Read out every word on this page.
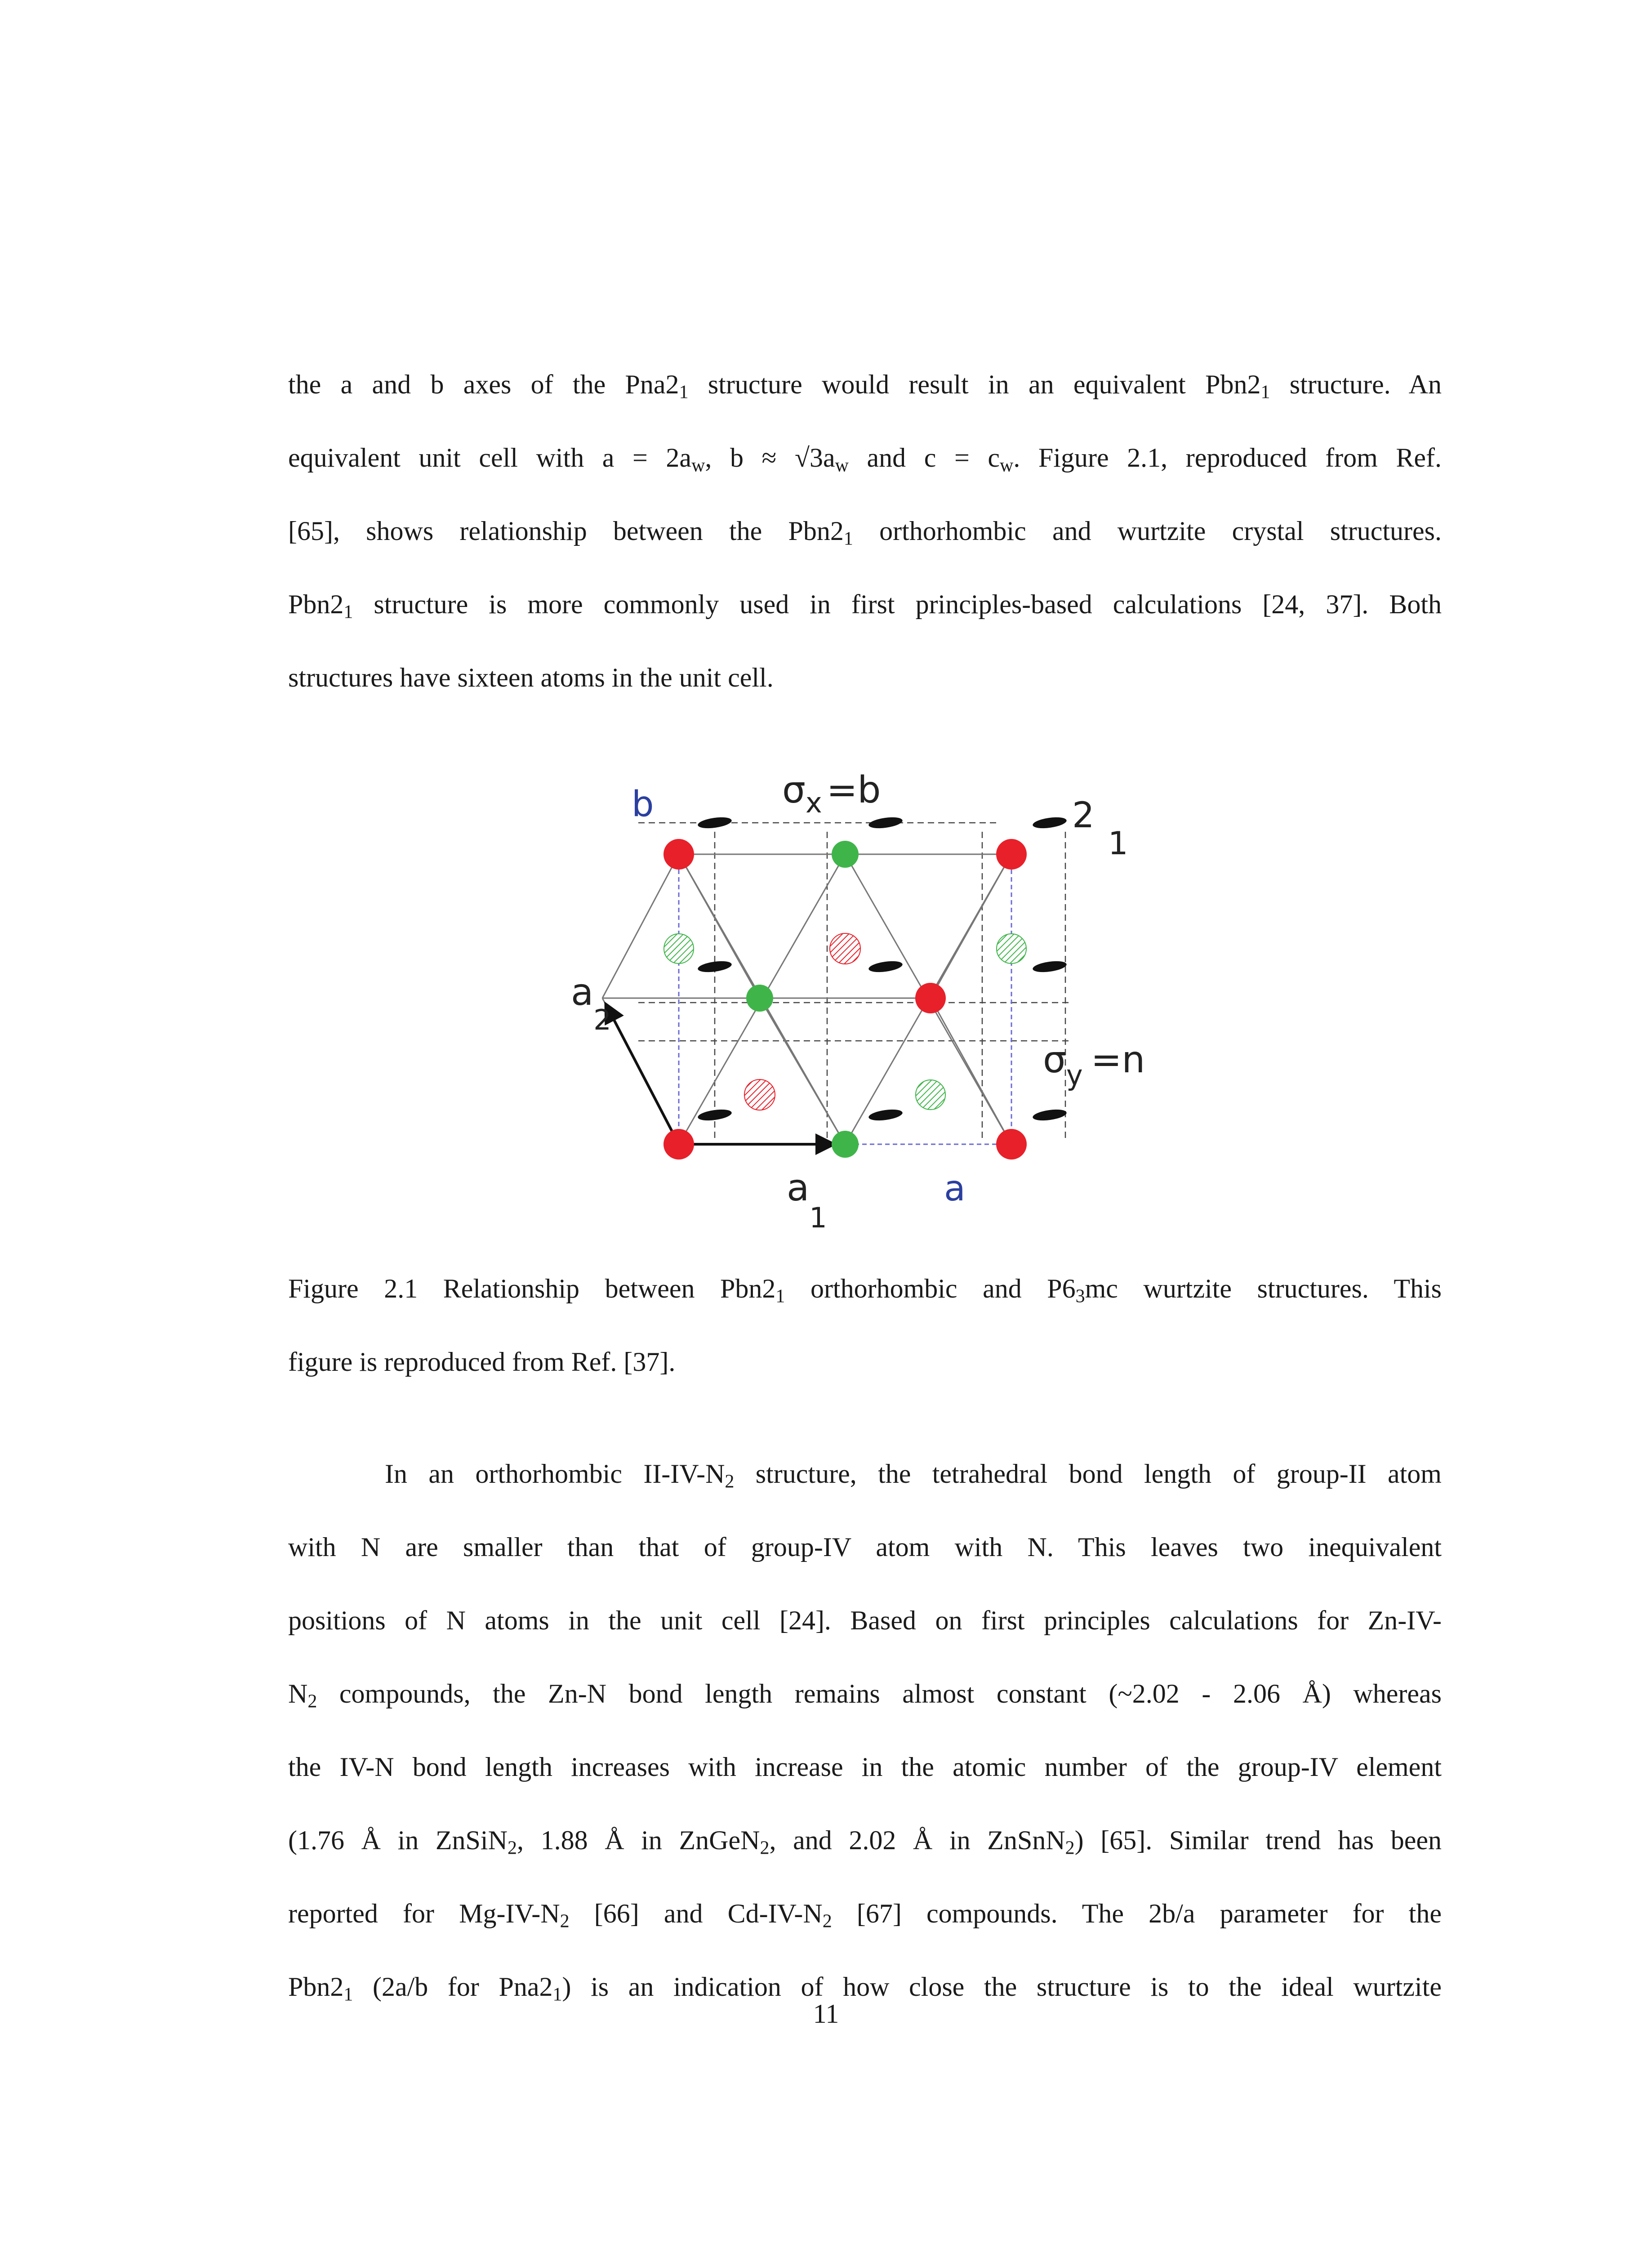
the a and b axes of the $Pna2_1$ structure would result in an equivalent $Pbn2_1$ structure. An
equivalent unit cell with $a = 2a_w$, $b \approx √3a_w$ and $c = c_w$. Figure 2.1, reproduced from Ref.
[65], shows relationship between the $Pbn2_1$ orthorhombic and wurtzite crystal structures.
$Pbn2_1$ structure is more commonly used in first principles-based calculations [24, 37]. Both
structures have sixteen atoms in the unit cell.
b	$\sigma_x =b$
2
1
$a_2$
$\sigma_y =n$
$a_1$
a
Figure 2.1 Relationship between $Pbn2_1$ orthorhombic and $P6_3mc$ wurtzite structures. This
figure is reproduced from Ref. [37].
In an orthorhombic $II-IV-N_2$ structure, the tetrahedral bond length of group-II atom
with N are smaller than that of group-IV atom with N. This leaves two inequivalent
positions of N atoms in the unit cell [24]. Based on first principles calculations for Zn-IV-
$N_2$ compounds, the Zn-N bond length remains almost constant (~2.02 - 2.06 Å) whereas
the IV-N bond length increases with increase in the atomic number of the group-IV element
(1.76 Å in ZnSiN$_2$, 1.88 Å in ZnGeN$_2$, and 2.02 Å in ZnSnN$_2$) [65]. Similar trend has been
reported for $Mg-IV-N_2$ [66] and $Cd-IV-N_2$ [67] compounds. The 2b/a parameter for the
$Pbn2_1$ (2a/b for $Pna2_1$) is an indication of how close the structure is to the ideal wurtzite
11
